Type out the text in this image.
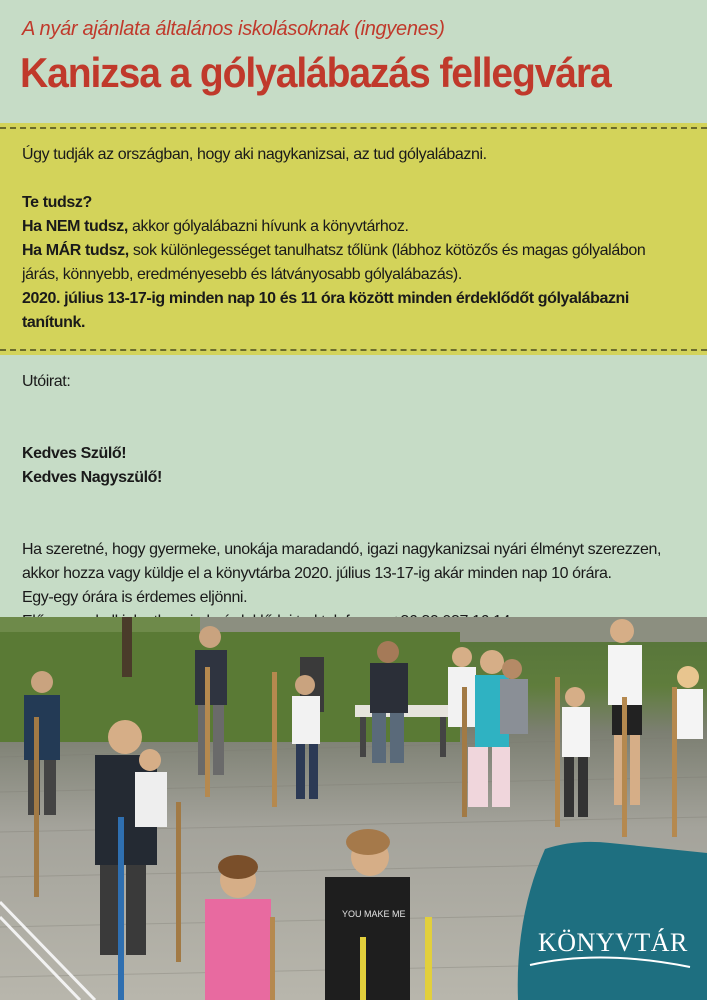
A nyár ajánlata általános iskolásoknak (ingyenes)
Kanizsa a gólyalábazás fellegvára

Úgy tudják az országban, hogy aki nagykanizsai, az tud gólyalábazni.

Te tudsz?

Ha NEM tudsz, akkor gólyalábazni hívunk a könyvtárhoz.

Ha MÁR tudsz, sok különlegességet tanulhatsz tőlünk (lábhoz kötözős és magas gólyalábon járás, könnyebb, eredményesebb és látványosabb gólyalábazás).

2020. július 13-17-ig minden nap 10 és 11 óra között minden érdeklődőt gólyalábazni tanítunk.

Utóirat:

Kedves Szülő!

Kedves Nagyszülő!

Ha szeretné, hogy gyermeke, unokája maradandó, igazi nagykanizsai nyári élményt szerezzen, akkor hozza vagy küldje el a könyvtárba 2020. július 13-17-ig akár minden nap 10 órára.

Egy-egy órára is érdemes eljönni.

YOU MAKE ME
KÖNYVTÁR
